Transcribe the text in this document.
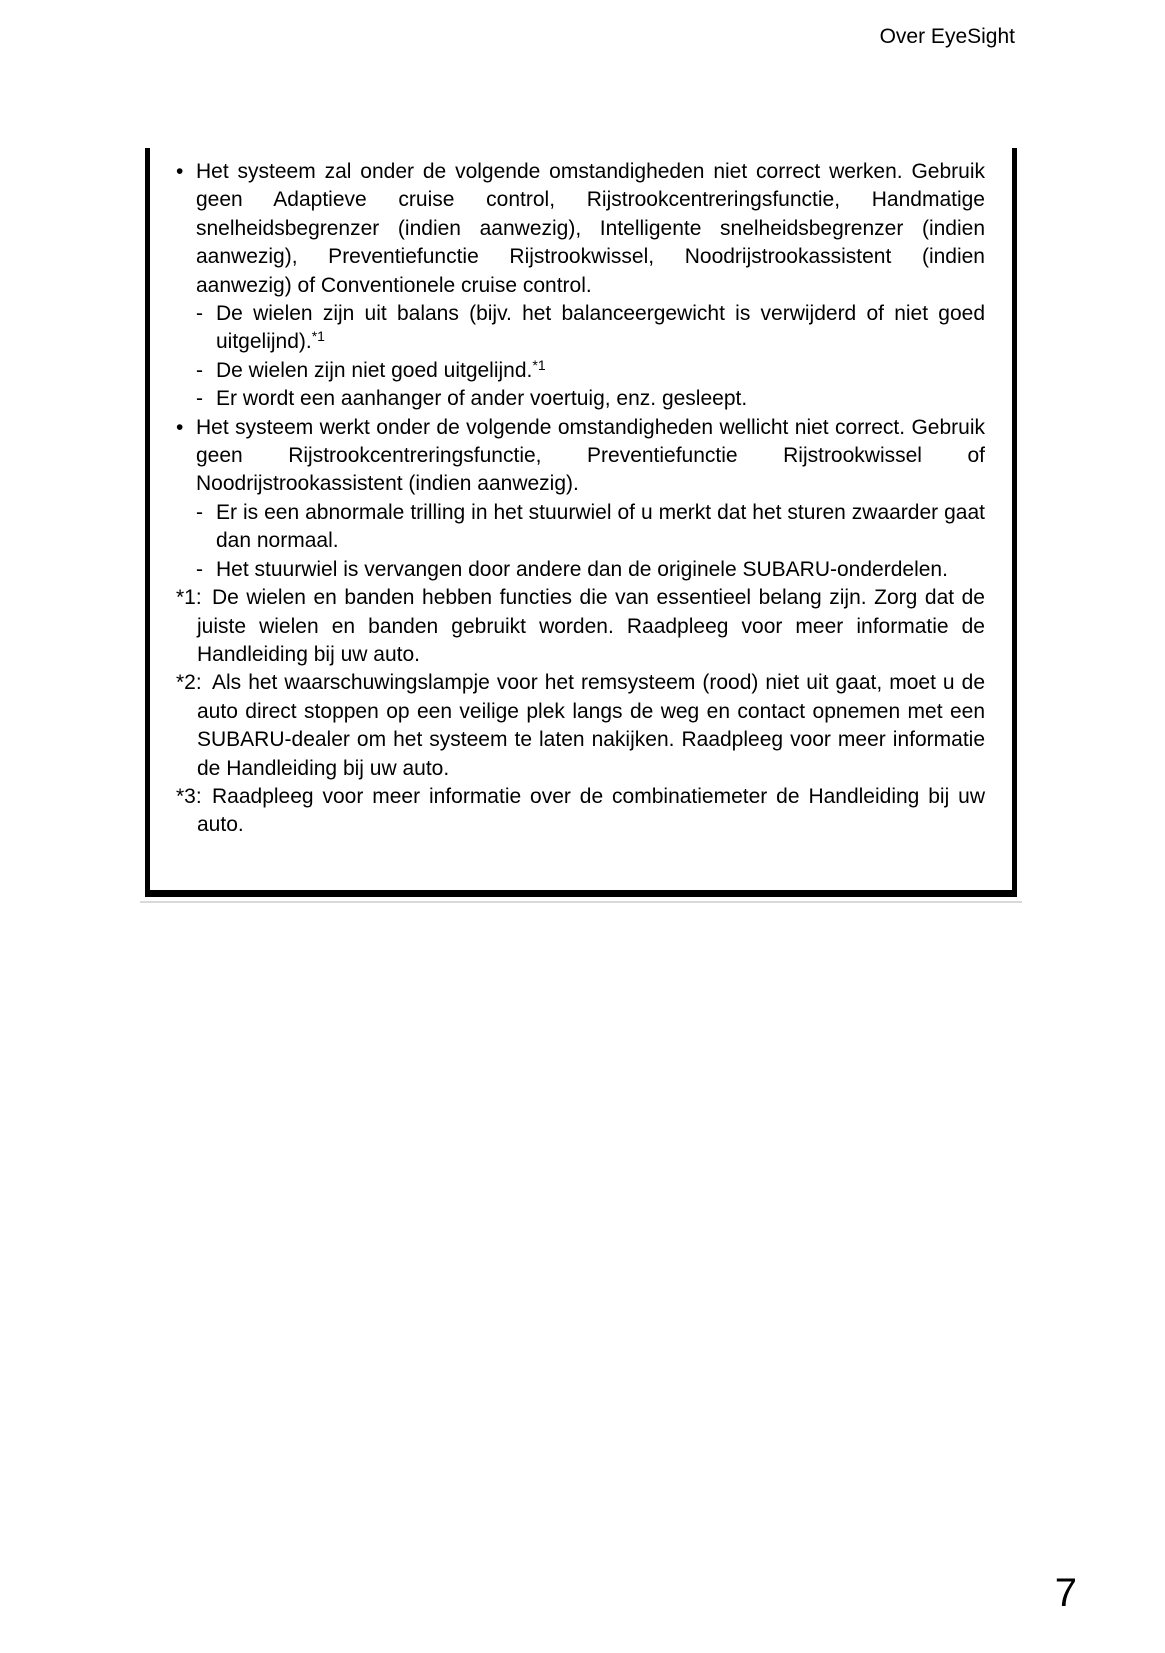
Over EyeSight
• Het systeem zal onder de volgende omstandigheden niet correct werken. Gebruik geen Adaptieve cruise control, Rijstrookcentreringsfunctie, Handmatige snelheidsbegrenzer (indien aanwezig), Intelligente snelheidsbegrenzer (indien aanwezig), Preventiefunctie Rijstrookwissel, Noodrijstrookassistent (indien aanwezig) of Conventionele cruise control.

- De wielen zijn uit balans (bijv. het balanceergewicht is verwijderd of niet goed uitgelijnd).$^{*1}$

- De wielen zijn niet goed uitgelijnd.$^{*1}$

- Er wordt een aanhanger of ander voertuig, enz. gesleept.

• Het systeem werkt onder de volgende omstandigheden wellicht niet correct. Gebruik geen Rijstrookcentreringsfunctie, Preventiefunctie Rijstrookwissel of Noodrijstrookassistent (indien aanwezig).

- Er is een abnormale trilling in het stuurwiel of u merkt dat het sturen zwaarder gaat dan normaal.

- Het stuurwiel is vervangen door andere dan de originele SUBARU-onderdelen.

*1: De wielen en banden hebben functies die van essentieel belang zijn. Zorg dat de juiste wielen en banden gebruikt worden. Raadpleeg voor meer informatie de Handleiding bij uw auto.

*2: Als het waarschuwingslampje voor het remsysteem (rood) niet uit gaat, moet u de auto direct stoppen op een veilige plek langs de weg en contact opnemen met een SUBARU-dealer om het systeem te laten nakijken. Raadpleeg voor meer informatie de Handleiding bij uw auto.

*3: Raadpleeg voor meer informatie over de combinatiemeter de Handleiding bij uw auto.

7
